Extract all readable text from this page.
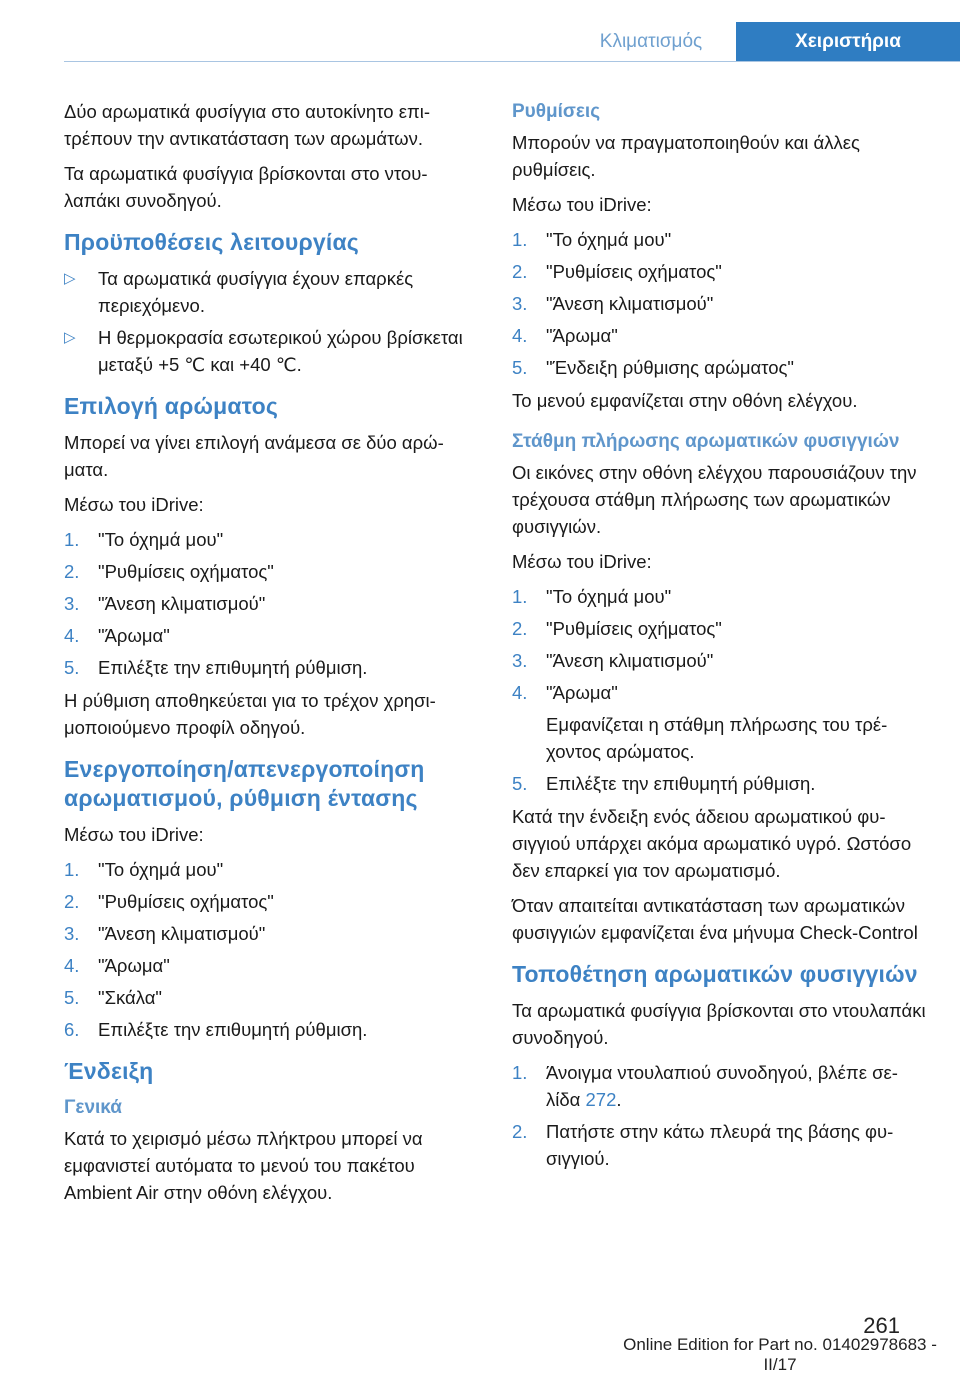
Κλιματισμός	Χειριστήρια

Δύο αρωματικά φυσίγγια στο αυτοκίνητο επιτρέπουν την αντικατάσταση των αρωμάτων.

Τα αρωματικά φυσίγγια βρίσκονται στο ντουλαπάκι συνοδηγού.

Προϋποθέσεις λειτουργίας
▷	Τα αρωματικά φυσίγγια έχουν επαρκές περιεχόμενο.
▷	Η θερμοκρασία εσωτερικού χώρου βρίσκεται μεταξύ +5 ℃ και +40 ℃.
Επιλογή αρώματος

Μπορεί να γίνει επιλογή ανάμεσα σε δύο αρώματα.

Μέσω του iDrive:

1.	"Το όχημά μου"
2.	"Ρυθμίσεις οχήματος"
3.	"Άνεση κλιματισμού"
4.	"Άρωμα"
5.	Επιλέξτε την επιθυμητή ρύθμιση.

Η ρύθμιση αποθηκεύεται για το τρέχον χρησιμοποιούμενο προφίλ οδηγού.

Ενεργοποίηση/απενεργοποίηση αρωματισμού, ρύθμιση έντασης

Μέσω του iDrive:

1.	"Το όχημά μου"
2.	"Ρυθμίσεις οχήματος"
3.	"Άνεση κλιματισμού"
4.	"Άρωμα"
5.	"Σκάλα"
6.	Επιλέξτε την επιθυμητή ρύθμιση.
Ένδειξη
Γενικά

Κατά το χειρισμό μέσω πλήκτρου μπορεί να εμφανιστεί αυτόματα το μενού του πακέτου Ambient Air στην οθόνη ελέγχου.

Ρυθμίσεις

Μπορούν να πραγματοποιηθούν και άλλες ρυθμίσεις.

Μέσω του iDrive:

1.	"Το όχημά μου"
2.	"Ρυθμίσεις οχήματος"
3.	"Άνεση κλιματισμού"
4.	"Άρωμα"
5.	"Ένδειξη ρύθμισης αρώματος"

Το μενού εμφανίζεται στην οθόνη ελέγχου.

Στάθμη πλήρωσης αρωματικών φυσιγγιών

Οι εικόνες στην οθόνη ελέγχου παρουσιάζουν την τρέχουσα στάθμη πλήρωσης των αρωματικών φυσιγγιών.

Μέσω του iDrive:

1.	"Το όχημά μου"
2.	"Ρυθμίσεις οχήματος"
3.	"Άνεση κλιματισμού"
4.	"Άρωμα"
Εμφανίζεται η στάθμη πλήρωσης του τρέχοντος αρώματος.
5.	Επιλέξτε την επιθυμητή ρύθμιση.

Κατά την ένδειξη ενός άδειου αρωματικού φυσιγγιού υπάρχει ακόμα αρωματικό υγρό. Ωστόσο δεν επαρκεί για τον αρωματισμό.

Όταν απαιτείται αντικατάσταση των αρωματικών φυσιγγιών εμφανίζεται ένα μήνυμα Check-Control

Τοποθέτηση αρωματικών φυσιγγιών

Τα αρωματικά φυσίγγια βρίσκονται στο ντουλαπάκι συνοδηγού.

1.	Άνοιγμα ντουλαπιού συνοδηγού, βλέπε σελίδα 272.
2.	Πατήστε στην κάτω πλευρά της βάσης φυσιγγιού.
261
Online Edition for Part no. 01402978683 - II/17
